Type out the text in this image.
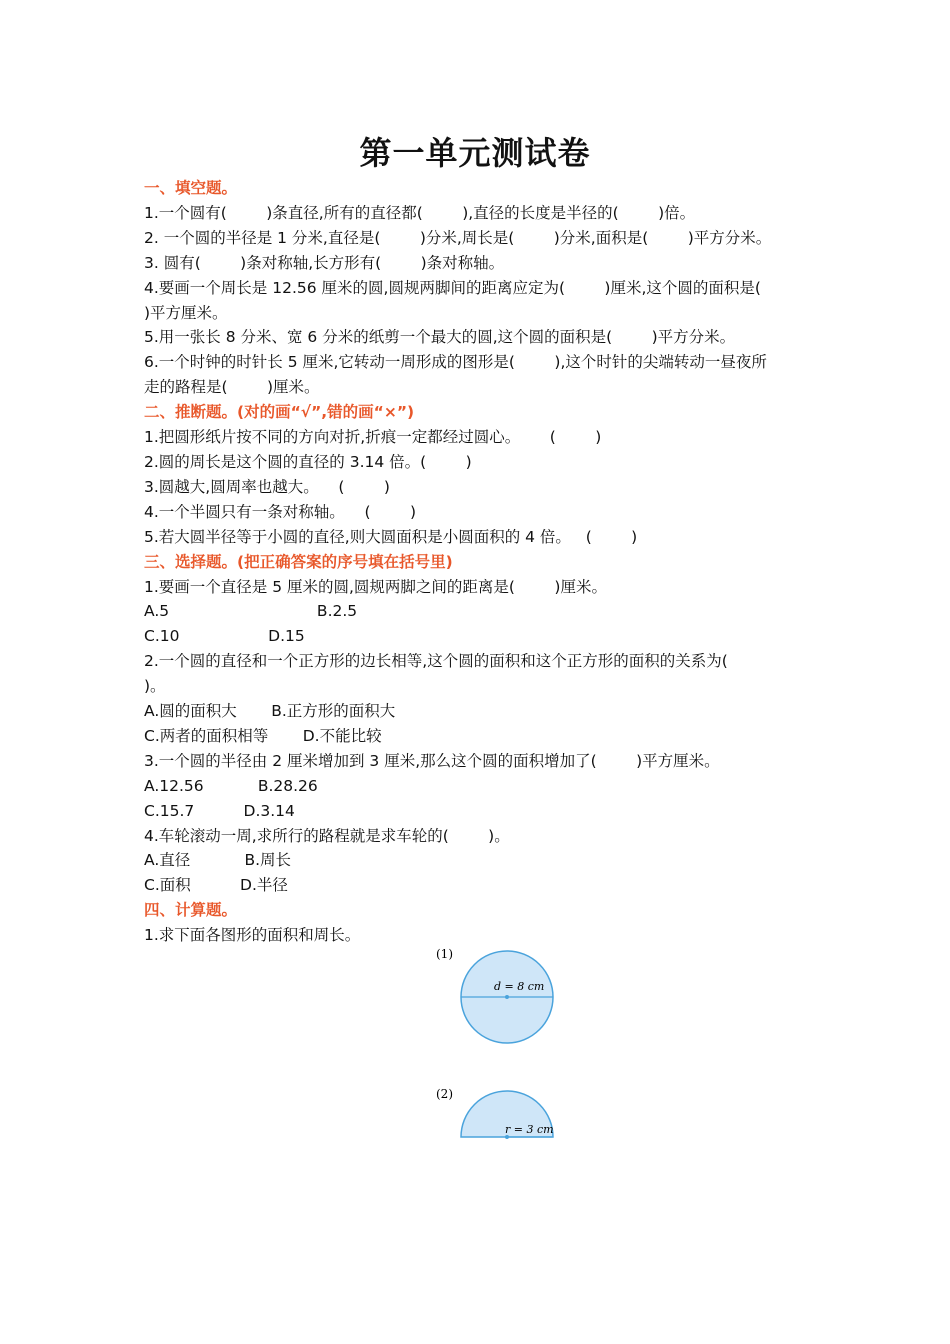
第一单元测试卷
一、填空题。
1.一个圆有(        )条直径,所有的直径都(        ),直径的长度是半径的(        )倍。
2. 一个圆的半径是 1 分米,直径是(        )分米,周长是(        )分米,面积是(        )平方分米。
3. 圆有(        )条对称轴,长方形有(        )条对称轴。
4.要画一个周长是 12.56 厘米的圆,圆规两脚间的距离应定为(        )厘米,这个圆的面积是(
)平方厘米。
5.用一张长 8 分米、宽 6 分米的纸剪一个最大的圆,这个圆的面积是(        )平方分米。
6.一个时钟的时针长 5 厘米,它转动一周形成的图形是(        ),这个时针的尖端转动一昼夜所
走的路程是(        )厘米。
二、推断题。(对的画“√”,错的画“×”)
1.把圆形纸片按不同的方向对折,折痕一定都经过圆心。      (        )
2.圆的周长是这个圆的直径的 3.14 倍。(        )
3.圆越大,圆周率也越大。    (        )
4.一个半圆只有一条对称轴。    (        )
5.若大圆半径等于小圆的直径,则大圆面积是小圆面积的 4 倍。   (        )
三、选择题。(把正确答案的序号填在括号里)
1.要画一个直径是 5 厘米的圆,圆规两脚之间的距离是(        )厘米。
A.5                              B.2.5
C.10                  D.15
2.一个圆的直径和一个正方形的边长相等,这个圆的面积和这个正方形的面积的关系为(
)。
A.圆的面积大       B.正方形的面积大
C.两者的面积相等       D.不能比较
3.一个圆的半径由 2 厘米增加到 3 厘米,那么这个圆的面积增加了(        )平方厘米。
A.12.56           B.28.26
C.15.7          D.3.14
4.车轮滚动一周,求所行的路程就是求车轮的(        )。
A.直径           B.周长
C.面积          D.半径
四、计算题。
1.求下面各图形的面积和周长。
(1)
d = 8 cm
(2)
r = 3 cm
